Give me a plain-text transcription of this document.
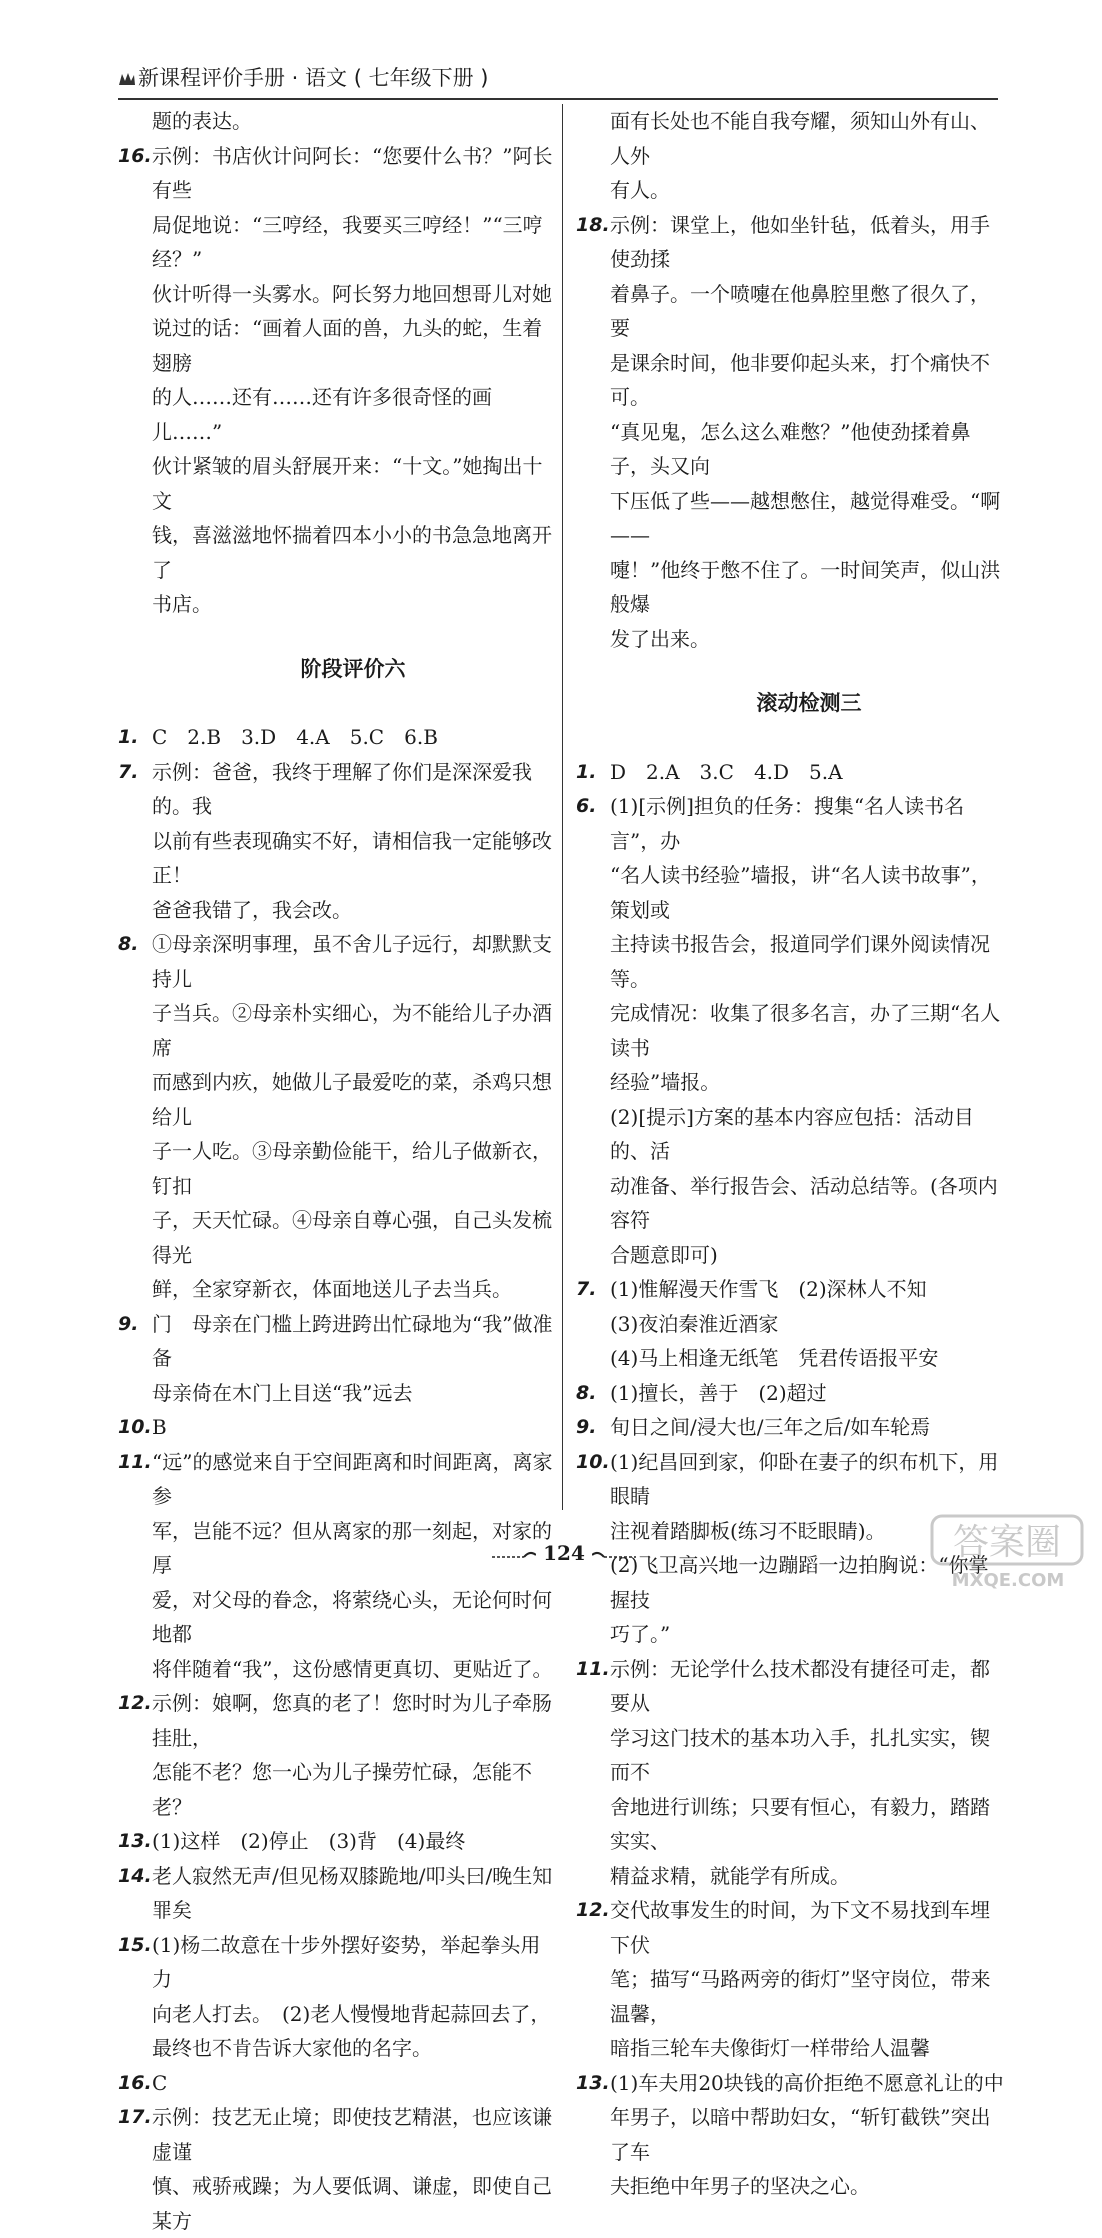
新课程评价手册 · 语文 ( 七年级下册 )
题的表达。
16. 示例：书店伙计问阿长：“您要什么书？”阿长有些
局促地说：“三哼经，我要买三哼经！”“三哼经？”
伙计听得一头雾水。阿长努力地回想哥儿对她
说过的话：“画着人面的兽，九头的蛇，生着翅膀
的人……还有……还有许多很奇怪的画儿……”
伙计紧皱的眉头舒展开来：“十文。”她掏出十文
钱，喜滋滋地怀揣着四本小小的书急急地离开了
书店。
阶段评价六
1. C　2.B　3.D　4.A　5.C　6.B
7. 示例：爸爸，我终于理解了你们是深深爱我的。我
以前有些表现确实不好，请相信我一定能够改正！
爸爸我错了，我会改。
8. ①母亲深明事理，虽不舍儿子远行，却默默支持儿
子当兵。②母亲朴实细心，为不能给儿子办酒席
而感到内疚，她做儿子最爱吃的菜，杀鸡只想给儿
子一人吃。③母亲勤俭能干，给儿子做新衣，钉扣
子，天天忙碌。④母亲自尊心强，自己头发梳得光
鲜，全家穿新衣，体面地送儿子去当兵。
9. 门　母亲在门槛上跨进跨出忙碌地为“我”做准备
母亲倚在木门上目送“我”远去
10. B
11. “远”的感觉来自于空间距离和时间距离，离家参
军，岂能不远？但从离家的那一刻起，对家的厚
爱，对父母的眷念，将萦绕心头，无论何时何地都
将伴随着“我”，这份感情更真切、更贴近了。
12. 示例：娘啊，您真的老了！您时时为儿子牵肠挂肚，
怎能不老？您一心为儿子操劳忙碌，怎能不老？
13. (1)这样　(2)停止　(3)背　(4)最终
14. 老人寂然无声/但见杨双膝跪地/叩头曰/晚生知
罪矣
15. (1)杨二故意在十步外摆好姿势，举起拳头用力
向老人打去。　(2)老人慢慢地背起蒜回去了，
最终也不肯告诉大家他的名字。
16. C
17. 示例：技艺无止境；即使技艺精湛，也应该谦虚谨
慎、戒骄戒躁；为人要低调、谦虚，即使自己某方
面有长处也不能自我夸耀，须知山外有山、人外
有人。
18. 示例：课堂上，他如坐针毡，低着头，用手使劲揉
着鼻子。一个喷嚏在他鼻腔里憋了很久了，要
是课余时间，他非要仰起头来，打个痛快不可。
“真见鬼，怎么这么难憋？”他使劲揉着鼻子，头又向
下压低了些——越想憋住，越觉得难受。“啊——
嚏！”他终于憋不住了。一时间笑声，似山洪般爆
发了出来。
滚动检测三
1. D　2.A　3.C　4.D　5.A
6. (1)[示例]担负的任务：搜集“名人读书名言”，办
“名人读书经验”墙报，讲“名人读书故事”，策划或
主持读书报告会，报道同学们课外阅读情况等。
完成情况：收集了很多名言，办了三期“名人读书
经验”墙报。
(2)[提示]方案的基本内容应包括：活动目的、活
动准备、举行报告会、活动总结等。(各项内容符
合题意即可)
7. (1)惟解漫天作雪飞　(2)深林人不知
(3)夜泊秦淮近酒家
(4)马上相逢无纸笔　凭君传语报平安
8. (1)擅长，善于　(2)超过
9. 旬日之间/浸大也/三年之后/如车轮焉
10. (1)纪昌回到家，仰卧在妻子的织布机下，用眼睛
注视着踏脚板(练习不眨眼睛)。
(2)飞卫高兴地一边蹦蹈一边拍胸说：“你掌握技
巧了。”
11. 示例：无论学什么技术都没有捷径可走，都要从
学习这门技术的基本功入手，扎扎实实，锲而不
舍地进行训练；只要有恒心，有毅力，踏踏实实、
精益求精，就能学有所成。
12. 交代故事发生的时间，为下文不易找到车埋下伏
笔；描写“马路两旁的街灯”坚守岗位，带来温馨，
暗指三轮车夫像街灯一样带给人温馨
13. (1)车夫用20块钱的高价拒绝不愿意礼让的中
年男子，以暗中帮助妇女，“斩钉截铁”突出了车
夫拒绝中年男子的坚决之心。
124	答案圈
MXQE.COM
